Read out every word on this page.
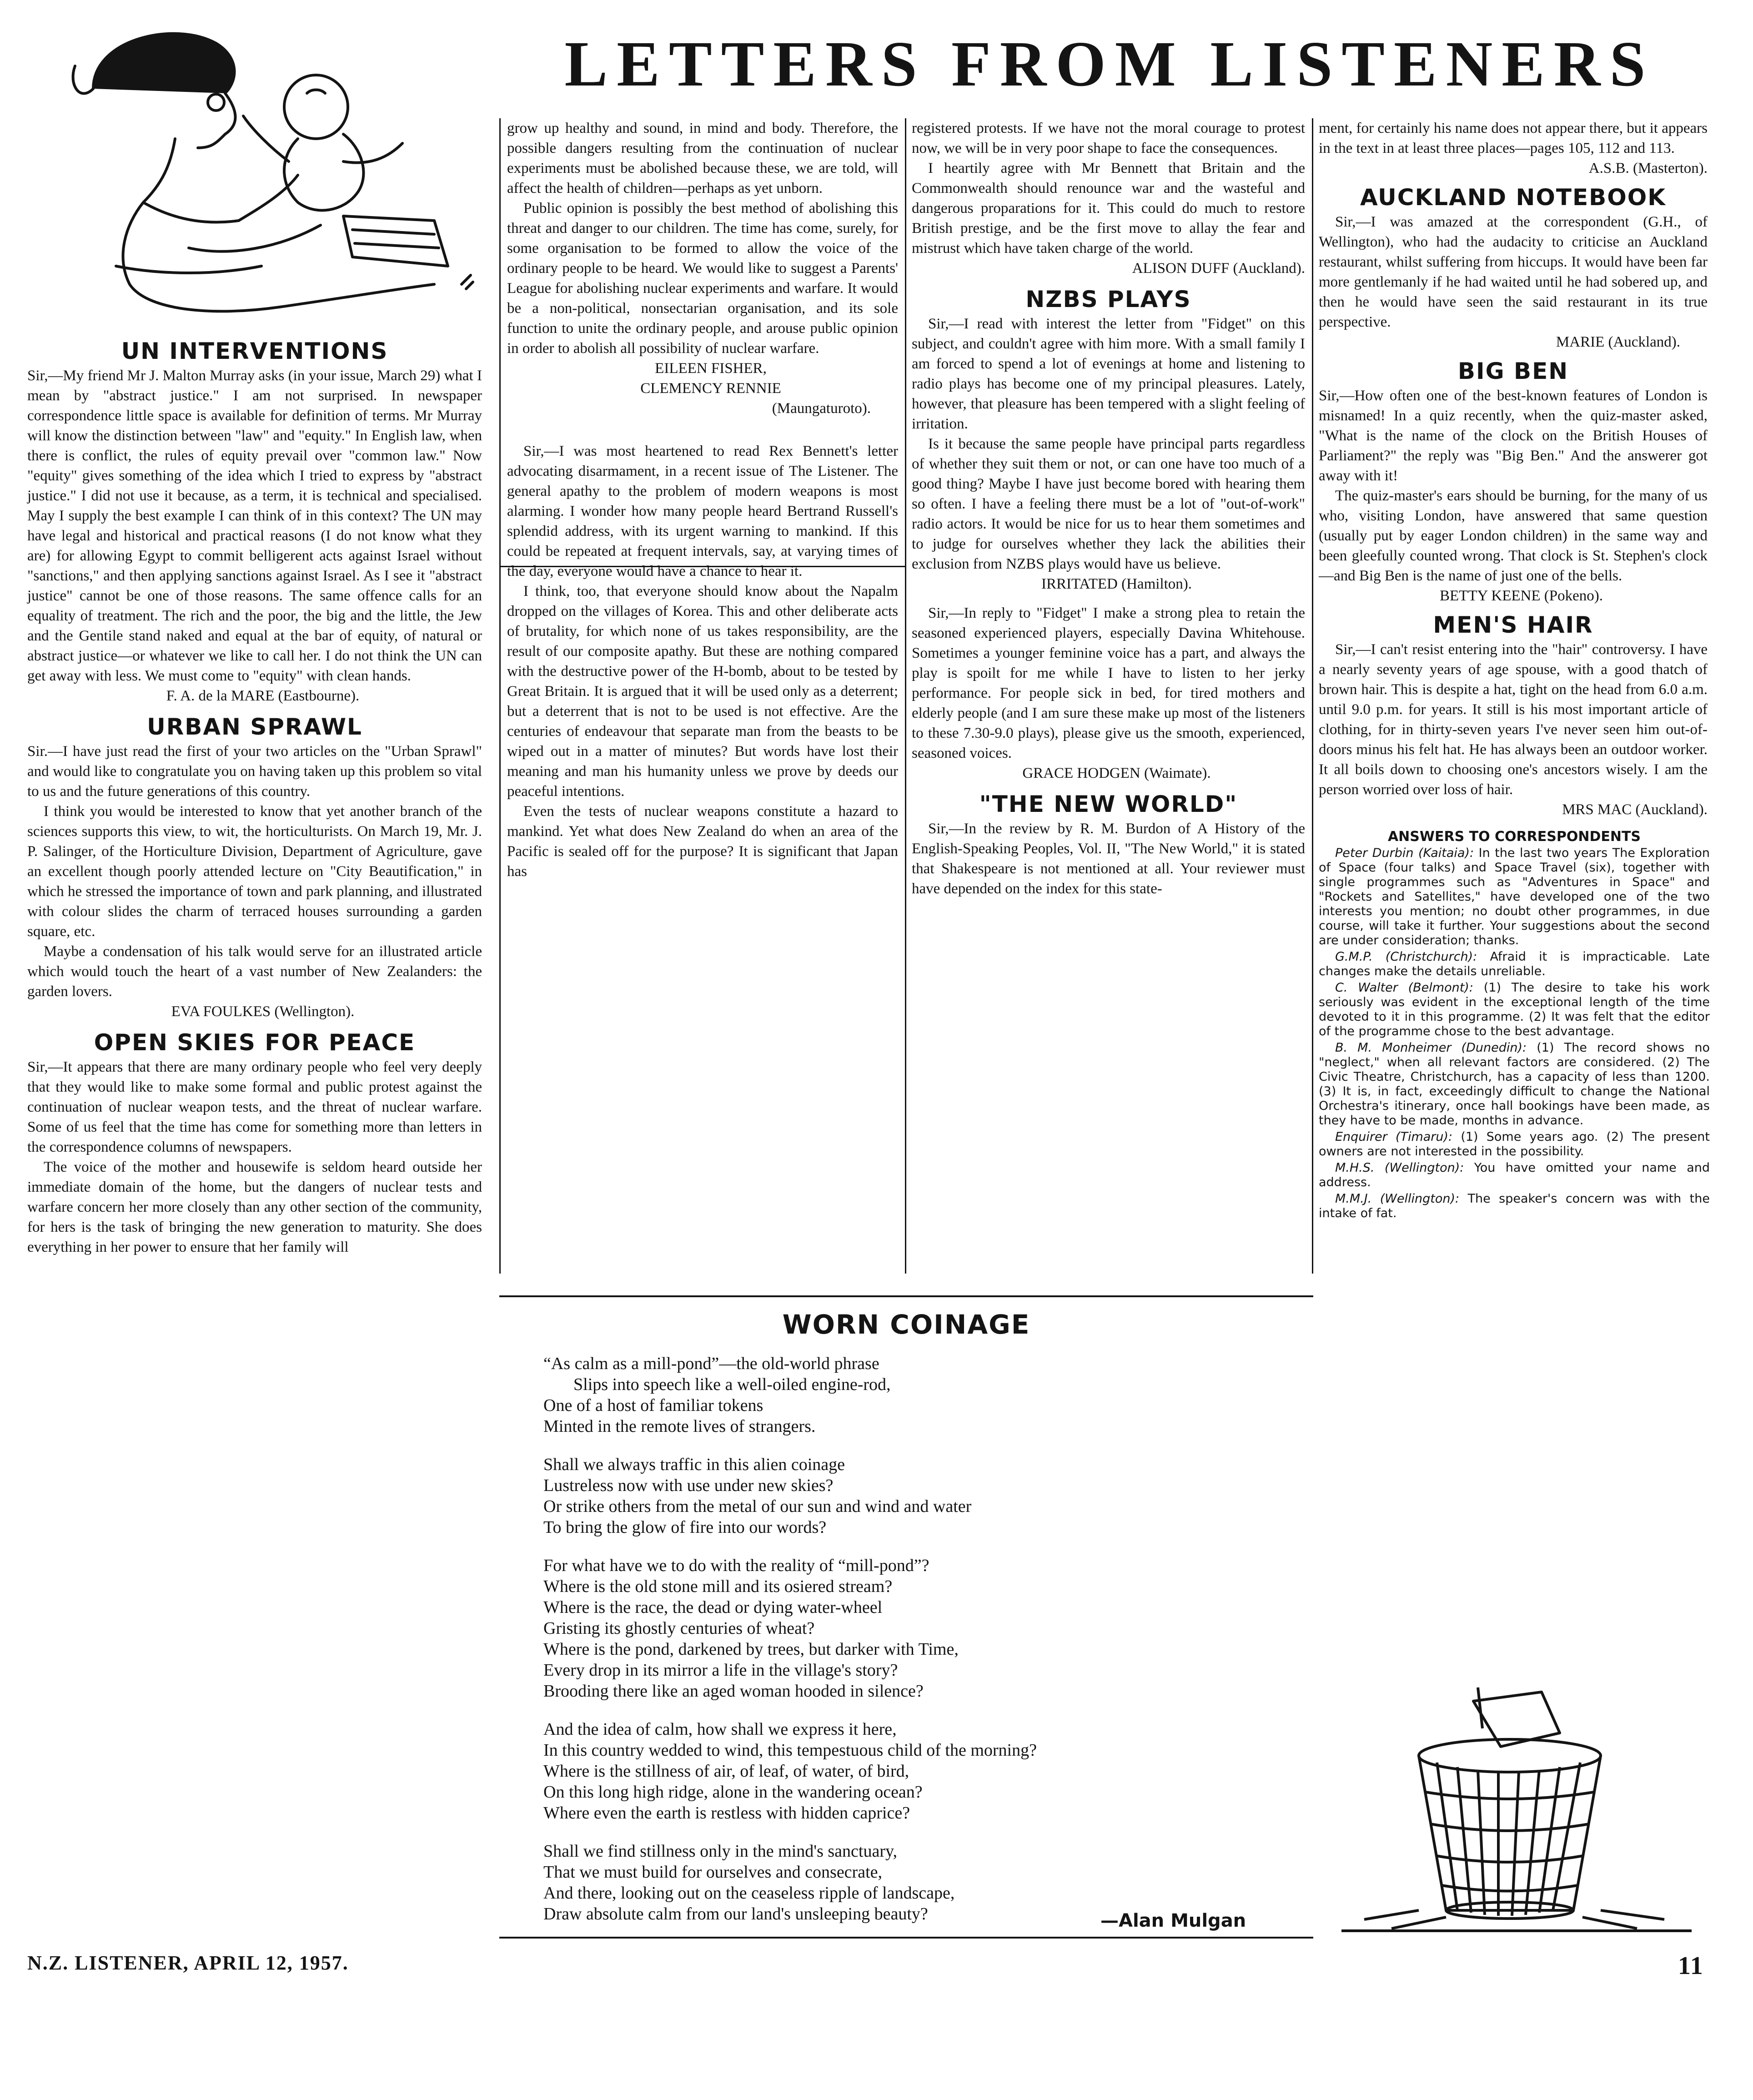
LETTERS FROM LISTENERS
UN INTERVENTIONS

Sir,—My friend Mr J. Malton Murray asks (in your issue, March 29) what I mean by "abstract justice." I am not surprised. In newspaper correspondence little space is available for definition of terms. Mr Murray will know the distinction between "law" and "equity." In English law, when there is conflict, the rules of equity prevail over "common law." Now "equity" gives something of the idea which I tried to express by "abstract justice." I did not use it because, as a term, it is technical and specialised. May I supply the best example I can think of in this context? The UN may have legal and historical and practical reasons (I do not know what they are) for allowing Egypt to commit belligerent acts against Israel without "sanctions," and then applying sanctions against Israel. As I see it "abstract justice" cannot be one of those reasons. The same offence calls for an equality of treatment. The rich and the poor, the big and the little, the Jew and the Gentile stand naked and equal at the bar of equity, of natural or abstract justice—or whatever we like to call her. I do not think the UN can get away with less. We must come to "equity" with clean hands.

F. A. de la MARE (Eastbourne).

URBAN SPRAWL

Sir.—I have just read the first of your two articles on the "Urban Sprawl" and would like to congratulate you on having taken up this problem so vital to us and the future generations of this country.

I think you would be interested to know that yet another branch of the sciences supports this view, to wit, the horticulturists. On March 19, Mr. J. P. Salinger, of the Horticulture Division, Department of Agriculture, gave an excellent though poorly attended lecture on "City Beautification," in which he stressed the importance of town and park planning, and illustrated with colour slides the charm of terraced houses surrounding a garden square, etc.

Maybe a condensation of his talk would serve for an illustrated article which would touch the heart of a vast number of New Zealanders: the garden lovers.

EVA FOULKES (Wellington).

OPEN SKIES FOR PEACE

Sir,—It appears that there are many ordinary people who feel very deeply that they would like to make some formal and public protest against the continuation of nuclear weapon tests, and the threat of nuclear warfare. Some of us feel that the time has come for something more than letters in the correspondence columns of newspapers.

The voice of the mother and housewife is seldom heard outside her immediate domain of the home, but the dangers of nuclear tests and warfare concern her more closely than any other section of the community, for hers is the task of bringing the new generation to maturity. She does everything in her power to ensure that her family will

grow up healthy and sound, in mind and body. Therefore, the possible dangers resulting from the continuation of nuclear experiments must be abolished because these, we are told, will affect the health of children—perhaps as yet unborn.

Public opinion is possibly the best method of abolishing this threat and danger to our children. The time has come, surely, for some organisation to be formed to allow the voice of the ordinary people to be heard. We would like to suggest a Parents' League for abolishing nuclear experiments and warfare. It would be a non-political, nonsectarian organisation, and its sole function to unite the ordinary people, and arouse public opinion in order to abolish all possibility of nuclear warfare.

EILEEN FISHER,

CLEMENCY RENNIE

(Maungaturoto).

Sir,—I was most heartened to read Rex Bennett's letter advocating disarmament, in a recent issue of The Listener. The general apathy to the problem of modern weapons is most alarming. I wonder how many people heard Bertrand Russell's splendid address, with its urgent warning to mankind. If this could be repeated at frequent intervals, say, at varying times of the day, everyone would have a chance to hear it.

I think, too, that everyone should know about the Napalm dropped on the villages of Korea. This and other deliberate acts of brutality, for which none of us takes responsibility, are the result of our composite apathy. But these are nothing compared with the destructive power of the H-bomb, about to be tested by Great Britain. It is argued that it will be used only as a deterrent; but a deterrent that is not to be used is not effective. Are the centuries of endeavour that separate man from the beasts to be wiped out in a matter of minutes? But words have lost their meaning and man his humanity unless we prove by deeds our peaceful intentions.

Even the tests of nuclear weapons constitute a hazard to mankind. Yet what does New Zealand do when an area of the Pacific is sealed off for the purpose? It is significant that Japan has

registered protests. If we have not the moral courage to protest now, we will be in very poor shape to face the consequences.

I heartily agree with Mr Bennett that Britain and the Commonwealth should renounce war and the wasteful and dangerous proparations for it. This could do much to restore British prestige, and be the first move to allay the fear and mistrust which have taken charge of the world.

ALISON DUFF (Auckland).

NZBS PLAYS

Sir,—I read with interest the letter from "Fidget" on this subject, and couldn't agree with him more. With a small family I am forced to spend a lot of evenings at home and listening to radio plays has become one of my principal pleasures. Lately, however, that pleasure has been tempered with a slight feeling of irritation.

Is it because the same people have principal parts regardless of whether they suit them or not, or can one have too much of a good thing? Maybe I have just become bored with hearing them so often. I have a feeling there must be a lot of "out-of-work" radio actors. It would be nice for us to hear them sometimes and to judge for ourselves whether they lack the abilities their exclusion from NZBS plays would have us believe.

IRRITATED (Hamilton).

Sir,—In reply to "Fidget" I make a strong plea to retain the seasoned experienced players, especially Davina Whitehouse. Sometimes a younger feminine voice has a part, and always the play is spoilt for me while I have to listen to her jerky performance. For people sick in bed, for tired mothers and elderly people (and I am sure these make up most of the listeners to these 7.30-9.0 plays), please give us the smooth, experienced, seasoned voices.

GRACE HODGEN (Waimate).

"THE NEW WORLD"

Sir,—In the review by R. M. Burdon of A History of the English-Speaking Peoples, Vol. II, "The New World," it is stated that Shakespeare is not mentioned at all. Your reviewer must have depended on the index for this state-

ment, for certainly his name does not appear there, but it appears in the text in at least three places—pages 105, 112 and 113.

A.S.B. (Masterton).

AUCKLAND NOTEBOOK

Sir,—I was amazed at the correspondent (G.H., of Wellington), who had the audacity to criticise an Auckland restaurant, whilst suffering from hiccups. It would have been far more gentlemanly if he had waited until he had sobered up, and then he would have seen the said restaurant in its true perspective.

MARIE (Auckland).

BIG BEN

Sir,—How often one of the best-known features of London is misnamed! In a quiz recently, when the quiz-master asked, "What is the name of the clock on the British Houses of Parliament?" the reply was "Big Ben." And the answerer got away with it!

The quiz-master's ears should be burning, for the many of us who, visiting London, have answered that same question (usually put by eager London children) in the same way and been gleefully counted wrong. That clock is St. Stephen's clock—and Big Ben is the name of just one of the bells.

BETTY KEENE (Pokeno).

MEN'S HAIR

Sir,—I can't resist entering into the "hair" controversy. I have a nearly seventy years of age spouse, with a good thatch of brown hair. This is despite a hat, tight on the head from 6.0 a.m. until 9.0 p.m. for years. It still is his most important article of clothing, for in thirty-seven years I've never seen him out-of-doors minus his felt hat. He has always been an outdoor worker. It all boils down to choosing one's ancestors wisely. I am the person worried over loss of hair.

MRS MAC (Auckland).

ANSWERS TO CORRESPONDENTS

Peter Durbin (Kaitaia): In the last two years The Exploration of Space (four talks) and Space Travel (six), together with single programmes such as "Adventures in Space" and "Rockets and Satellites," have developed one of the two interests you mention; no doubt other programmes, in due course, will take it further. Your suggestions about the second are under consideration; thanks.

G.M.P. (Christchurch): Afraid it is impracticable. Late changes make the details unreliable.

C. Walter (Belmont): (1) The desire to take his work seriously was evident in the exceptional length of the time devoted to it in this programme. (2) It was felt that the editor of the programme chose to the best advantage.

B. M. Monheimer (Dunedin): (1) The record shows no "neglect," when all relevant factors are considered. (2) The Civic Theatre, Christchurch, has a capacity of less than 1200. (3) It is, in fact, exceedingly difficult to change the National Orchestra's itinerary, once hall bookings have been made, as they have to be made, months in advance.

Enquirer (Timaru): (1) Some years ago. (2) The present owners are not interested in the possibility.

M.H.S. (Wellington): You have omitted your name and address.

M.M.J. (Wellington): The speaker's concern was with the intake of fat.

WORN COINAGE
“As calm as a mill-pond”—the old-world phrase
Slips into speech like a well-oiled engine-rod,
One of a host of familiar tokens
Minted in the remote lives of strangers.
Shall we always traffic in this alien coinage
Lustreless now with use under new skies?
Or strike others from the metal of our sun and wind and water
To bring the glow of fire into our words?
For what have we to do with the reality of “mill-pond”?
Where is the old stone mill and its osiered stream?
Where is the race, the dead or dying water-wheel
Gristing its ghostly centuries of wheat?
Where is the pond, darkened by trees, but darker with Time,
Every drop in its mirror a life in the village's story?
Brooding there like an aged woman hooded in silence?
And the idea of calm, how shall we express it here,
In this country wedded to wind, this tempestuous child of the morning?
Where is the stillness of air, of leaf, of water, of bird,
On this long high ridge, alone in the wandering ocean?
Where even the earth is restless with hidden caprice?
Shall we find stillness only in the mind's sanctuary,
That we must build for ourselves and consecrate,
And there, looking out on the ceaseless ripple of landscape,
Draw absolute calm from our land's unsleeping beauty?	—Alan Mulgan
N.Z. LISTENER, APRIL 12, 1957.	11
